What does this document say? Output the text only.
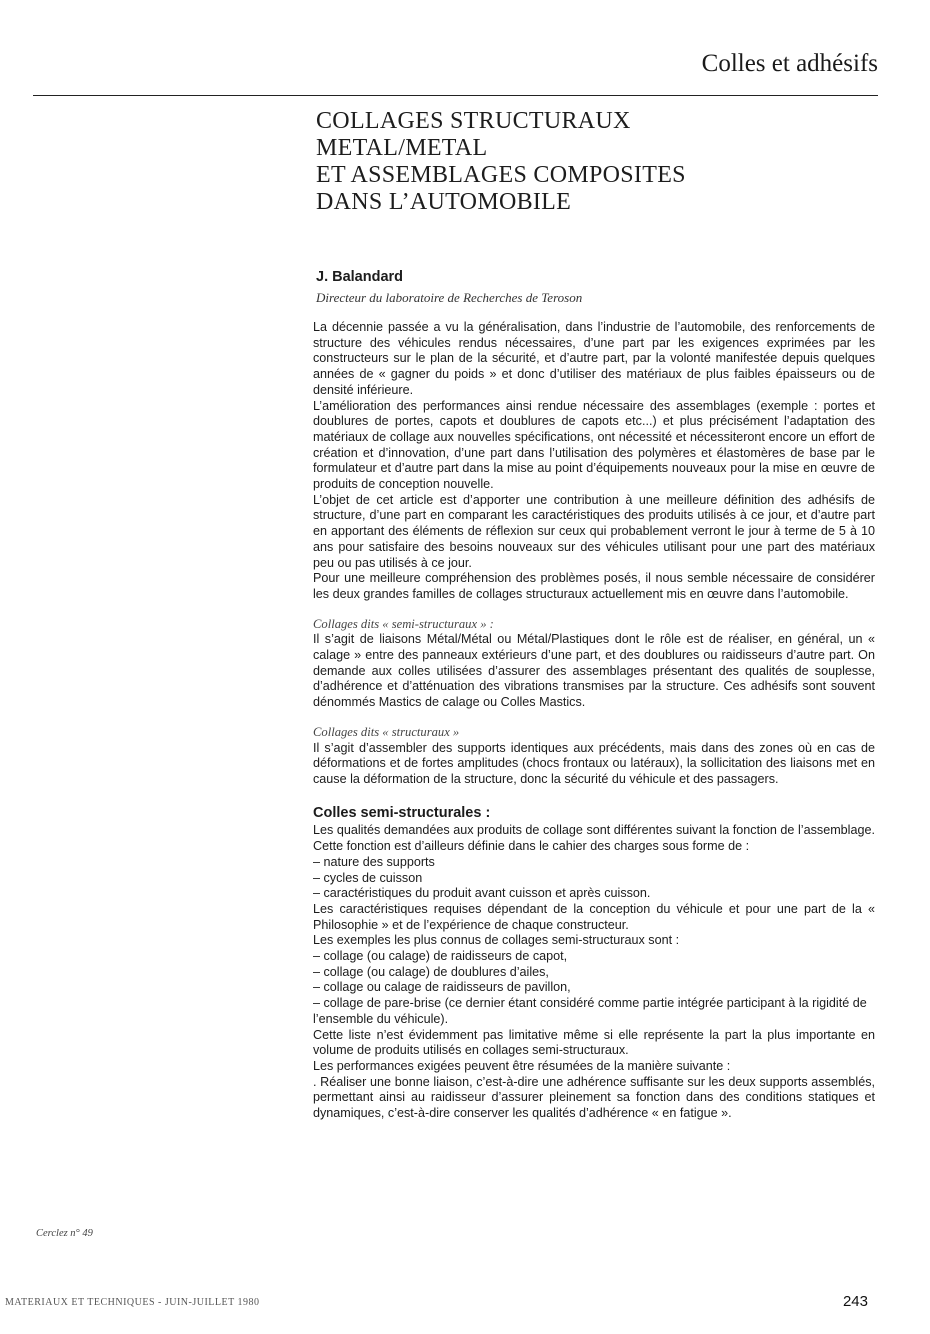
Colles et adhésifs
COLLAGES STRUCTURAUX
METAL/METAL
ET ASSEMBLAGES COMPOSITES
DANS L’AUTOMOBILE
J. Balandard
Directeur du laboratoire de Recherches de Teroson

La décennie passée a vu la généralisation, dans l’industrie de l’automobile, des renforcements de structure des véhicules rendus nécessaires, d’une part par les exigences exprimées par les constructeurs sur le plan de la sécurité, et d’autre part, par la volonté manifestée depuis quelques années de « gagner du poids » et donc d’utiliser des matériaux de plus faibles épaisseurs ou de densité inférieure.

L’amélioration des performances ainsi rendue nécessaire des assemblages (exemple : portes et doublures de portes, capots et doublures de capots etc...) et plus précisément l’adaptation des matériaux de collage aux nouvelles spécifications, ont nécessité et nécessiteront encore un effort de création et d’innovation, d’une part dans l’utilisation des polymères et élastomères de base par le formulateur et d’autre part dans la mise au point d’équipements nouveaux pour la mise en œuvre de produits de conception nouvelle.

L’objet de cet article est d’apporter une contribution à une meilleure définition des adhésifs de structure, d’une part en comparant les caractéristiques des produits utilisés à ce jour, et d’autre part en apportant des éléments de réflexion sur ceux qui probablement verront le jour à terme de 5 à 10 ans pour satisfaire des besoins nouveaux sur des véhicules utilisant pour une part des matériaux peu ou pas utilisés à ce jour.

Pour une meilleure compréhension des problèmes posés, il nous semble nécessaire de considérer les deux grandes familles de collages structuraux actuellement mis en œuvre dans l’automobile.

Collages dits « semi-structuraux » :

Il s’agit de liaisons Métal/Métal ou Métal/Plastiques dont le rôle est de réaliser, en général, un « calage » entre des panneaux extérieurs d’une part, et des doublures ou raidisseurs d’autre part. On demande aux colles utilisées d’assurer des assemblages présentant des qualités de souplesse, d’adhérence et d’atténuation des vibrations transmises par la structure. Ces adhésifs sont souvent dénommés Mastics de calage ou Colles Mastics.

Collages dits « structuraux »

Il s’agit d’assembler des supports identiques aux précédents, mais dans des zones où en cas de déformations et de fortes amplitudes (chocs frontaux ou latéraux), la sollicitation des liaisons met en cause la déformation de la structure, donc la sécurité du véhicule et des passagers.

Colles semi-structurales :

Les qualités demandées aux produits de collage sont différentes suivant la fonction de l’assemblage. Cette fonction est d’ailleurs définie dans le cahier des charges sous forme de :

– nature des supports
– cycles de cuisson
– caractéristiques du produit avant cuisson et après cuisson.

Les caractéristiques requises dépendant de la conception du véhicule et pour une part de la « Philosophie » et de l’expérience de chaque constructeur.

Les exemples les plus connus de collages semi-structuraux sont :

– collage (ou calage) de raidisseurs de capot,
– collage (ou calage) de doublures d’ailes,
– collage ou calage de raidisseurs de pavillon,
– collage de pare-brise (ce dernier étant considéré comme partie intégrée participant à la rigidité de l’ensemble du véhicule).

Cette liste n’est évidemment pas limitative même si elle représente la part la plus importante en volume de produits utilisés en collages semi-structuraux.

Les performances exigées peuvent être résumées de la manière suivante :

. Réaliser une bonne liaison, c’est-à-dire une adhérence suffisante sur les deux supports assemblés, permettant ainsi au raidisseur d’assurer pleinement sa fonction dans des conditions statiques et dynamiques, c’est-à-dire conserver les qualités d’adhérence « en fatigue ».

Cerclez n° 49
MATERIAUX ET TECHNIQUES - JUIN-JUILLET 1980	243
